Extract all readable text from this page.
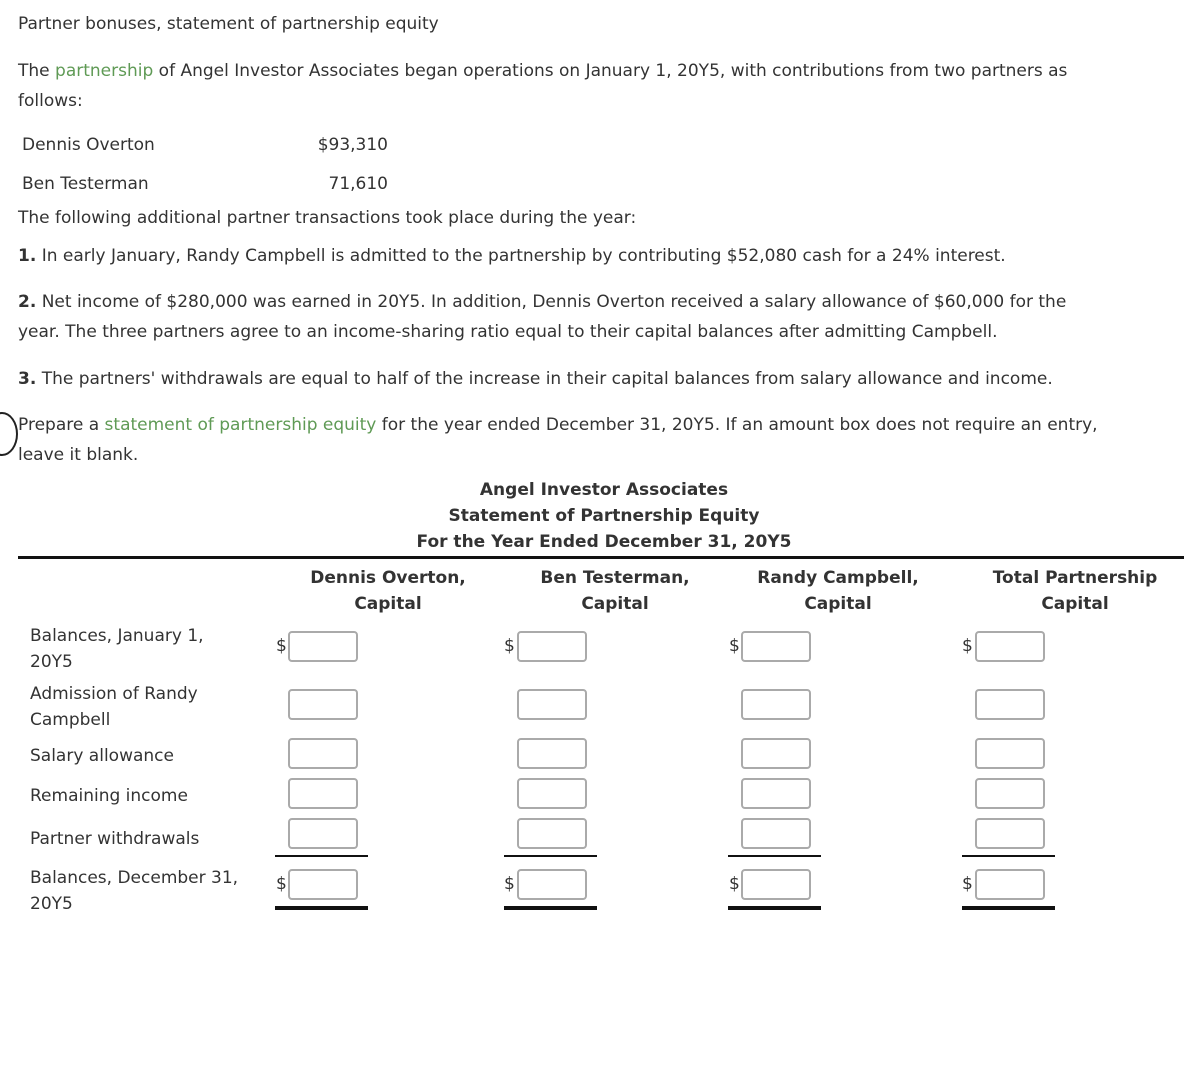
Partner bonuses, statement of partnership equity
The partnership of Angel Investor Associates began operations on January 1, 20Y5, with contributions from two partners as
follows:
Dennis Overton	$93,310
Ben Testerman	71,610
The following additional partner transactions took place during the year:
1. In early January, Randy Campbell is admitted to the partnership by contributing $52,080 cash for a 24% interest.
2. Net income of $280,000 was earned in 20Y5. In addition, Dennis Overton received a salary allowance of $60,000 for the
year. The three partners agree to an income-sharing ratio equal to their capital balances after admitting Campbell.
3. The partners' withdrawals are equal to half of the increase in their capital balances from salary allowance and income.
Prepare a statement of partnership equity for the year ended December 31, 20Y5. If an amount box does not require an entry,
leave it blank.
Angel Investor Associates
Statement of Partnership Equity
For the Year Ended December 31, 20Y5
Dennis Overton,
Capital
Ben Testerman,
Capital
Randy Campbell,
Capital
Total Partnership
Capital
Balances, January 1,
20Y5
Admission of Randy
Campbell
Salary allowance
Remaining income
Partner withdrawals
Balances, December 31,
20Y5
$
$
$
$
$
$
$
$
